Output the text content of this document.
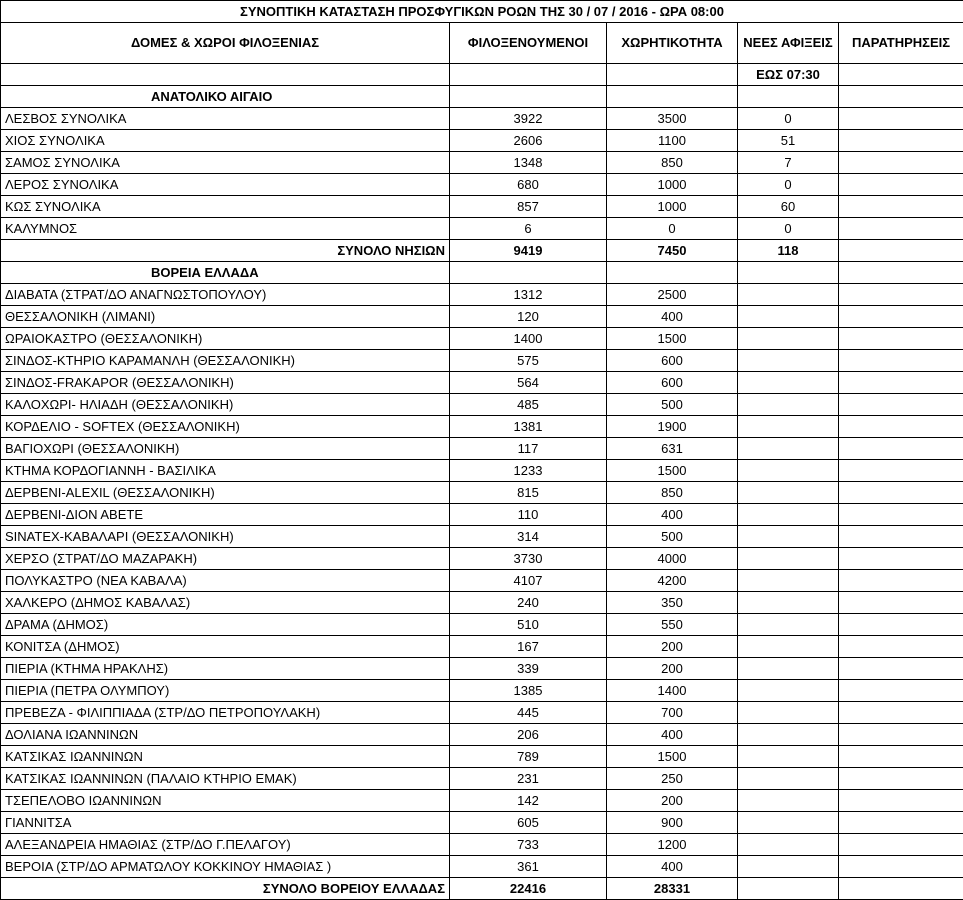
ΣΥΝΟΠΤΙΚΗ ΚΑΤΑΣΤΑΣΗ ΠΡΟΣΦΥΓΙΚΩΝ ΡΟΩΝ ΤΗΣ 30 / 07 / 2016 - ΩΡΑ 08:00				
ΔΟΜΕΣ & ΧΩΡΟΙ ΦΙΛΟΞΕΝΙΑΣ	ΦΙΛΟΞΕΝΟΥΜΕΝΟΙ	ΧΩΡΗΤΙΚΟΤΗΤΑ	ΝΕΕΣ ΑΦΙΞΕΙΣ	ΠΑΡΑΤΗΡΗΣΕΙΣ
			ΕΩΣ 07:30	
ΑΝΑΤΟΛΙΚΟ ΑΙΓΑΙΟ				
ΛΕΣΒΟΣ ΣΥΝΟΛΙΚΑ	3922	3500	0	
ΧΙΟΣ ΣΥΝΟΛΙΚΑ	2606	1100	51	
ΣΑΜΟΣ ΣΥΝΟΛΙΚΑ	1348	850	7	
ΛΕΡΟΣ ΣΥΝΟΛΙΚΑ	680	1000	0	
ΚΩΣ ΣΥΝΟΛΙΚΑ	857	1000	60	
ΚΑΛΥΜΝΟΣ	6	0	0	
ΣΥΝΟΛΟ ΝΗΣΙΩΝ	9419	7450	118	
ΒΟΡΕΙΑ ΕΛΛΑΔΑ				
ΔΙΑΒΑΤΑ (ΣΤΡΑΤ/ΔΟ ΑΝΑΓΝΩΣΤΟΠΟΥΛΟΥ)	1312	2500		
ΘΕΣΣΑΛΟΝΙΚΗ (ΛΙΜΑΝΙ)	120	400		
ΩΡΑΙΟΚΑΣΤΡΟ (ΘΕΣΣΑΛΟΝΙΚΗ)	1400	1500		
ΣΙΝΔΟΣ-ΚΤΗΡΙΟ ΚΑΡΑΜΑΝΛΗ (ΘΕΣΣΑΛΟΝΙΚΗ)	575	600		
ΣΙΝΔΟΣ-FRAKAPOR (ΘΕΣΣΑΛΟΝΙΚΗ)	564	600		
ΚΑΛΟΧΩΡΙ- ΗΛΙΑΔΗ (ΘΕΣΣΑΛΟΝΙΚΗ)	485	500		
ΚΟΡΔΕΛΙΟ - SOFTEX (ΘΕΣΣΑΛΟΝΙΚΗ)	1381	1900		
ΒΑΓΙΟΧΩΡΙ (ΘΕΣΣΑΛΟΝΙΚΗ)	117	631		
ΚΤΗΜΑ ΚΟΡΔΟΓΙΑΝΝΗ - ΒΑΣΙΛΙΚΑ	1233	1500		
ΔΕΡΒΕΝΙ-ALEXIL (ΘΕΣΣΑΛΟΝΙΚΗ)	815	850		
ΔΕΡΒΕΝΙ-ΔΙΟΝ ΑΒΕΤΕ	110	400		
SINATEX-ΚΑΒΑΛΑΡΙ (ΘΕΣΣΑΛΟΝΙΚΗ)	314	500		
ΧΕΡΣΟ (ΣΤΡΑΤ/ΔΟ ΜΑΖΑΡΑΚΗ)	3730	4000		
ΠΟΛΥΚΑΣΤΡΟ (ΝΕΑ ΚΑΒΑΛΑ)	4107	4200		
ΧΑΛΚΕΡΟ (ΔΗΜΟΣ ΚΑΒΑΛΑΣ)	240	350		
ΔΡΑΜΑ (ΔΗΜΟΣ)	510	550		
ΚΟΝΙΤΣΑ (ΔΗΜΟΣ)	167	200		
ΠΙΕΡΙΑ (ΚΤΗΜΑ ΗΡΑΚΛΗΣ)	339	200		
ΠΙΕΡΙΑ (ΠΕΤΡΑ ΟΛΥΜΠΟΥ)	1385	1400		
ΠΡΕΒΕΖΑ - ΦΙΛΙΠΠΙΑΔΑ (ΣΤΡ/ΔΟ ΠΕΤΡΟΠΟΥΛΑΚΗ)	445	700		
ΔΟΛΙΑΝΑ ΙΩΑΝΝΙΝΩΝ	206	400		
ΚΑΤΣΙΚΑΣ ΙΩΑΝΝΙΝΩΝ	789	1500		
ΚΑΤΣΙΚΑΣ ΙΩΑΝΝΙΝΩΝ (ΠΑΛΑΙΟ ΚΤΗΡΙΟ ΕΜΑΚ)	231	250		
ΤΣΕΠΕΛΟΒΟ ΙΩΑΝΝΙΝΩΝ	142	200		
ΓΙΑΝΝΙΤΣΑ	605	900		
ΑΛΕΞΑΝΔΡΕΙΑ ΗΜΑΘΙΑΣ (ΣΤΡ/ΔΟ Γ.ΠΕΛΑΓΟΥ)	733	1200		
ΒΕΡΟΙΑ (ΣΤΡ/ΔΟ ΑΡΜΑΤΩΛΟΥ ΚΟΚΚΙΝΟΥ ΗΜΑΘΙΑΣ )	361	400		
ΣΥΝΟΛΟ ΒΟΡΕΙΟΥ ΕΛΛΑΔΑΣ	22416	28331		
